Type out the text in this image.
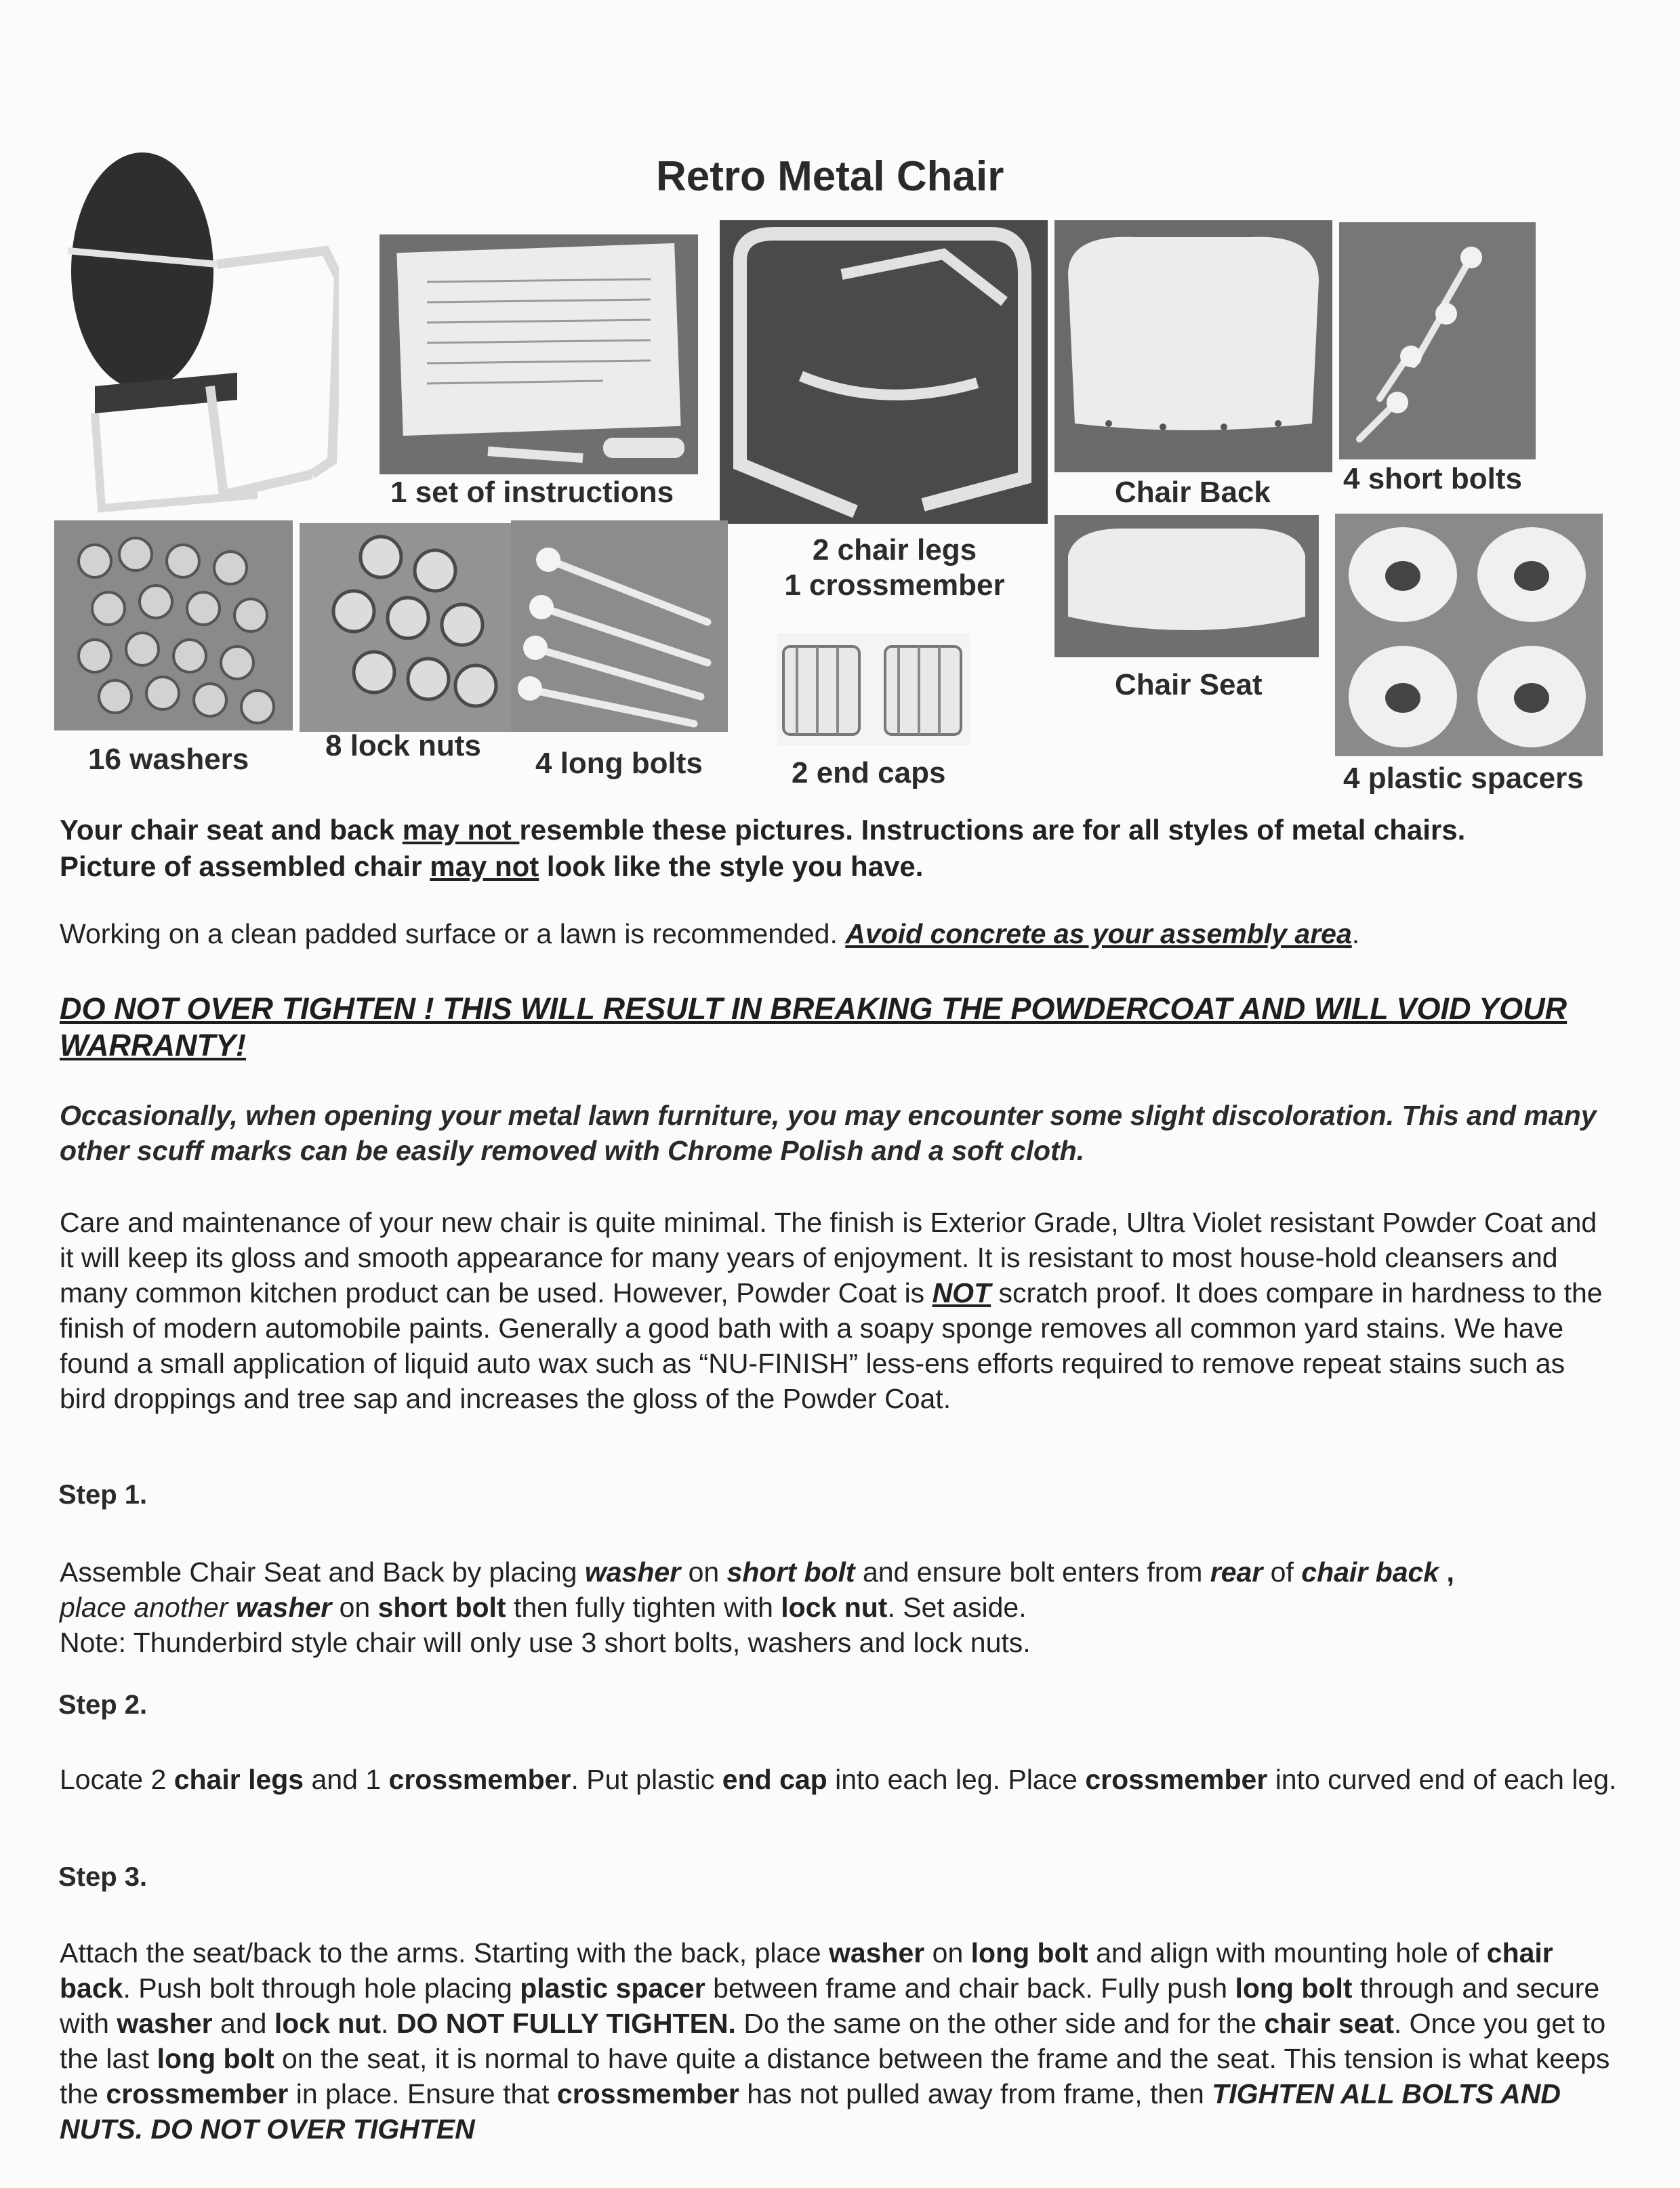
Retro Metal Chair
1 set of instructions
2 chair legs
1 crossmember
Chair Back 4 short bolts
16 washers	8 lock nuts
4 long bolts	2 end caps
Chair Seat
4 plastic spacers
Your chair seat and back may not resemble these pictures. Instructions are for all styles of metal chairs.
Picture of assembled chair may not look like the style you have.
Working on a clean padded surface or a lawn is recommended. Avoid concrete as your assembly area.
DO NOT OVER TIGHTEN ! THIS WILL RESULT IN BREAKING THE POWDERCOAT AND WILL VOID YOUR WARRANTY!
Occasionally, when opening your metal lawn furniture, you may encounter some slight discoloration. This and many other scuff marks can be easily removed with Chrome Polish and a soft cloth.
Care and maintenance of your new chair is quite minimal. The finish is Exterior Grade, Ultra Violet resistant Powder Coat and it will keep its gloss and smooth appearance for many years of enjoyment. It is resistant to most house-hold cleansers and many common kitchen product can be used. However, Powder Coat is NOT scratch proof. It does compare in hardness to the finish of modern automobile paints. Generally a good bath with a soapy sponge removes all common yard stains. We have found a small application of liquid auto wax such as “NU-FINISH” less-ens efforts required to remove repeat stains such as bird droppings and tree sap and increases the gloss of the Powder Coat.
Step 1.
Assemble Chair Seat and Back by placing washer on short bolt and ensure bolt enters from rear of chair back ,
place another washer on short bolt then fully tighten with lock nut. Set aside.
Note: Thunderbird style chair will only use 3 short bolts, washers and lock nuts.
Step 2.
Locate 2 chair legs and 1 crossmember. Put plastic end cap into each leg. Place crossmember into curved end of each leg.
Step 3.
Attach the seat/back to the arms. Starting with the back, place washer on long bolt and align with mounting hole of chair back. Push bolt through hole placing plastic spacer between frame and chair back. Fully push long bolt through and secure with washer and lock nut. DO NOT FULLY TIGHTEN. Do the same on the other side and for the chair seat. Once you get to the last long bolt on the seat, it is normal to have quite a distance between the frame and the seat. This tension is what keeps the crossmember in place. Ensure that crossmember has not pulled away from frame, then TIGHTEN ALL BOLTS AND NUTS. DO NOT OVER TIGHTEN
